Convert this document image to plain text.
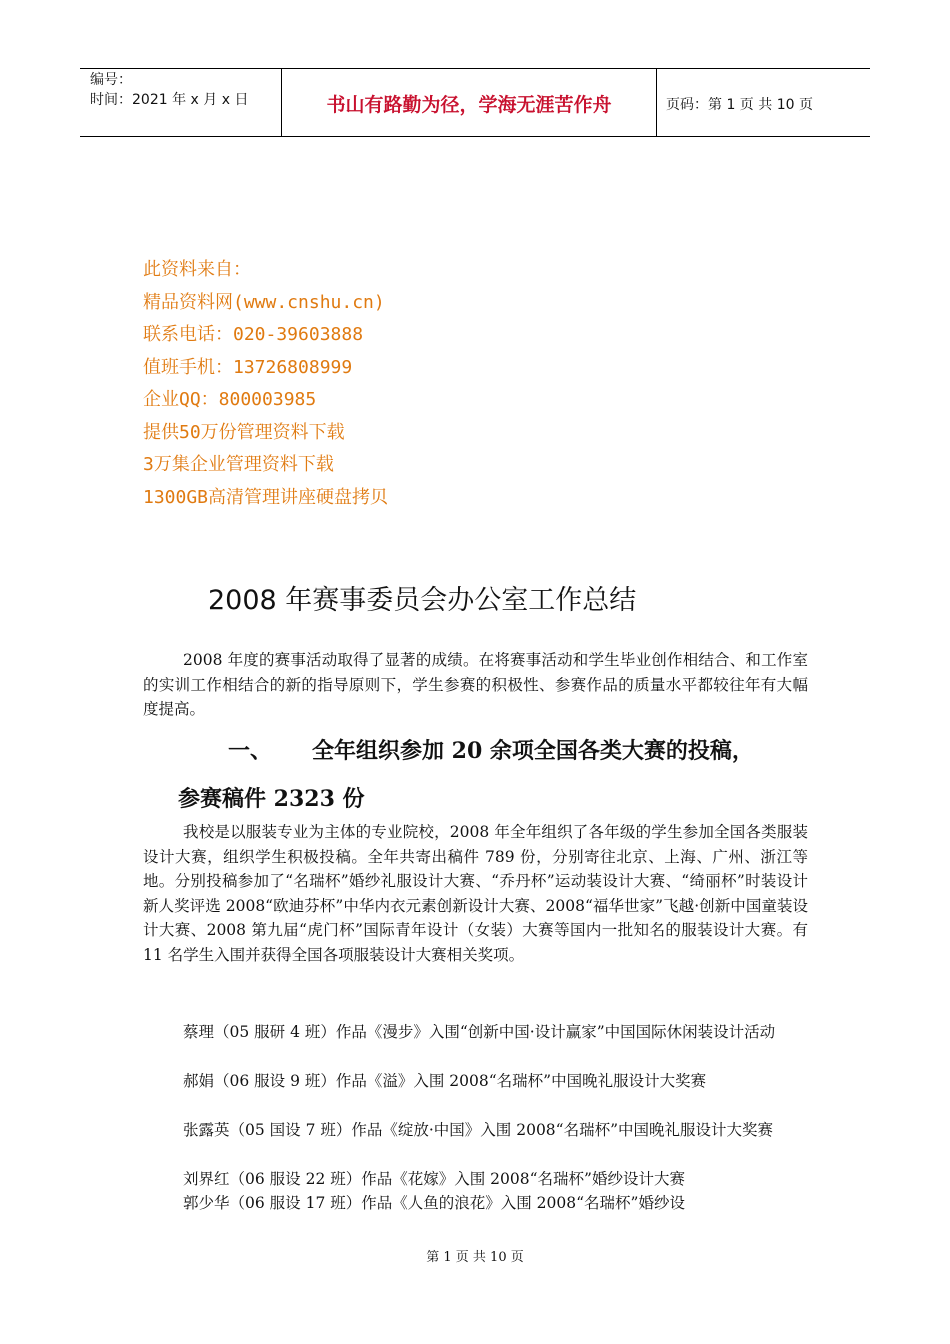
编号：
时间：2021 年 x 月 x 日	书山有路勤为径，学海无涯苦作舟	页码：第 1 页 共 10 页
此资料来自：
精品资料网(www.cnshu.cn)
联系电话：020-39603888
值班手机：13726808999
企业QQ：800003985
提供50万份管理资料下载
3万集企业管理资料下载
1300GB高清管理讲座硬盘拷贝
2008 年赛事委员会办公室工作总结
2008 年度的赛事活动取得了显著的成绩。在将赛事活动和学生毕业创作相结合、和工作室的实训工作相结合的新的指导原则下，学生参赛的积极性、参赛作品的质量水平都较往年有大幅度提高。
一、 全年组织参加 20 余项全国各类大赛的投稿，
参赛稿件 2323 份
我校是以服装专业为主体的专业院校，2008 年全年组织了各年级的学生参加全国各类服装设计大赛，组织学生积极投稿。全年共寄出稿件 789 份，分别寄往北京、上海、广州、浙江等地。分别投稿参加了“名瑞杯”婚纱礼服设计大赛、“乔丹杯”运动装设计大赛、“绮丽杯”时装设计新人奖评选 2008“欧迪芬杯”中华内衣元素创新设计大赛、2008“福华世家”飞越·创新中国童装设计大赛、2008 第九届“虎门杯”国际青年设计（女装）大赛等国内一批知名的服装设计大赛。有 11 名学生入围并获得全国各项服装设计大赛相关奖项。
蔡理（05 服研 4 班）作品《漫步》入围“创新中国·设计赢家”中国国际休闲装设计活动
郝娟（06 服设 9 班）作品《溢》入围 2008“名瑞杯”中国晚礼服设计大奖赛
张露英（05 国设 7 班）作品《绽放·中国》入围 2008“名瑞杯”中国晚礼服设计大奖赛
刘界红（06 服设 22 班）作品《花嫁》入围 2008“名瑞杯”婚纱设计大赛
郭少华（06 服设 17 班）作品《人鱼的浪花》入围 2008“名瑞杯”婚纱设
第 1 页 共 10 页
